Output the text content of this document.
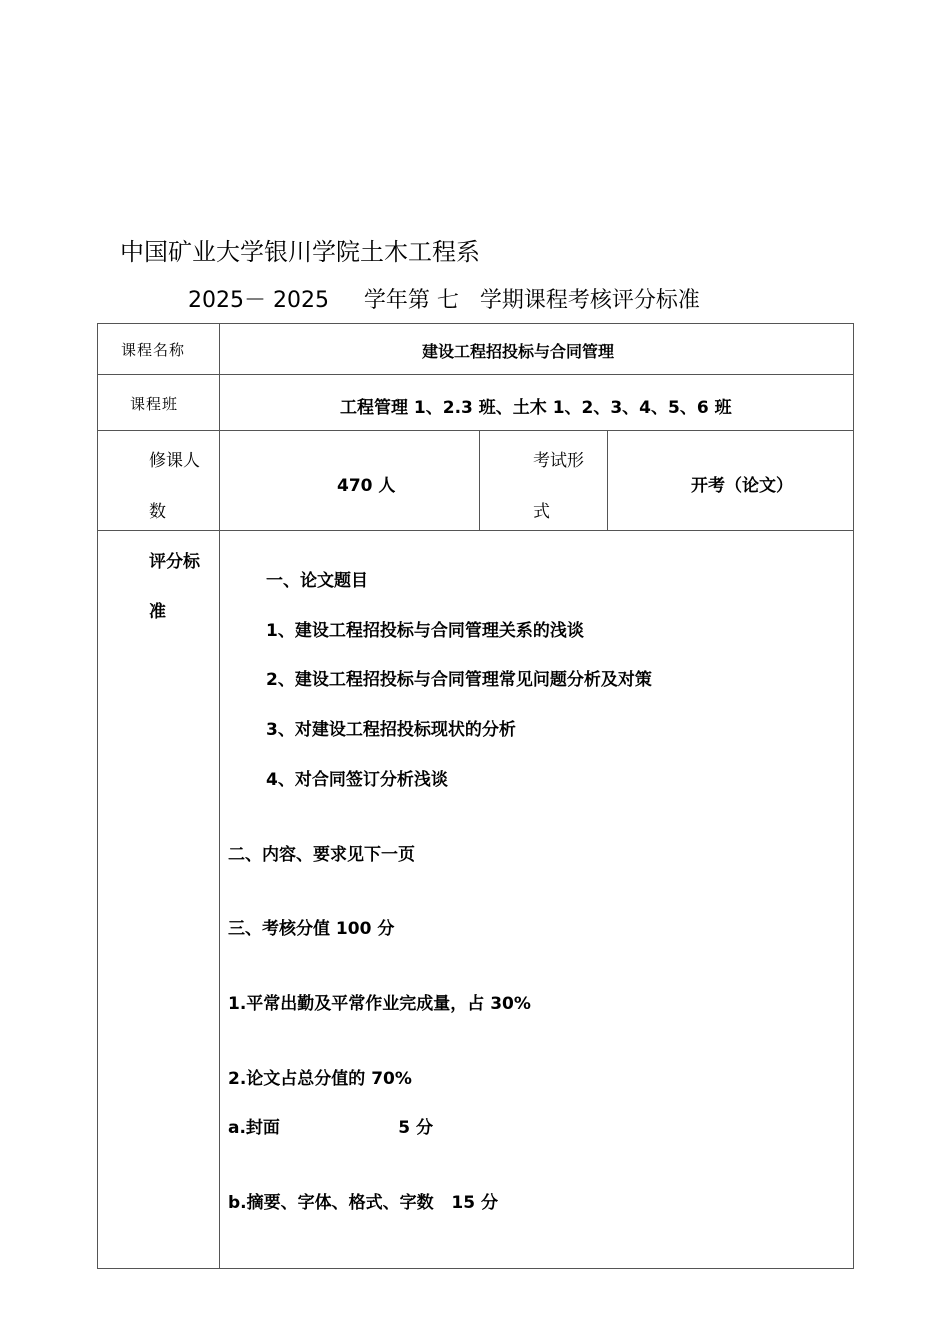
中国矿业大学银川学院土木工程系
2025－ 2025     学年第 七   学期课程考核评分标准
课程名称	建设工程招投标与合同管理
课程班	工程管理 1、2.3 班、土木 1、2、3、4、5、6 班
修课人
数
470 人
考试形
式
开考（论文）
评分标
准
一、论文题目
1、建设工程招投标与合同管理关系的浅谈
2、建设工程招投标与合同管理常见问题分析及对策
3、对建设工程招投标现状的分析
4、对合同签订分析浅谈
二、内容、要求见下一页
三、考核分值 100 分
1.平常出勤及平常作业完成量，占 30%
2.论文占总分值的 70%
a.封面                    5 分
b.摘要、字体、格式、字数   15 分
